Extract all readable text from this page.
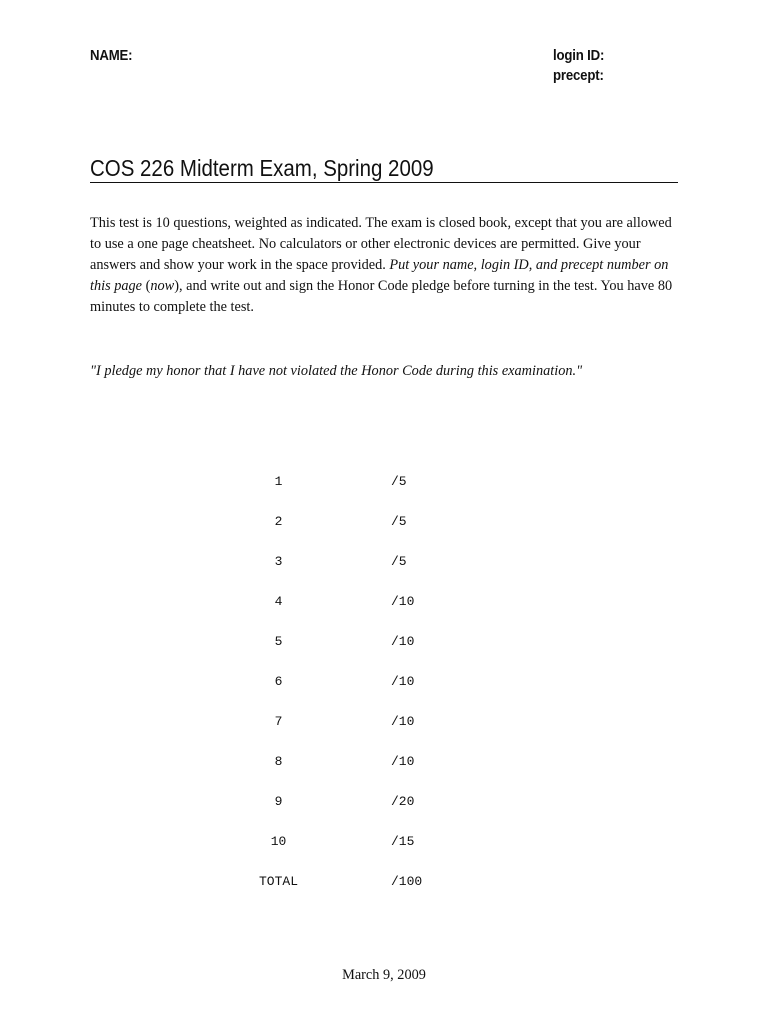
NAME:	login ID:
precept:
COS 226 Midterm Exam, Spring 2009

This test is 10 questions, weighted as indicated. The exam is closed book, except that you are allowed to use a one page cheatsheet. No calculators or other electronic devices are permitted. Give your answers and show your work in the space provided. Put your name, login ID, and precept number on this page (now), and write out and sign the Honor Code pledge before turning in the test. You have 80 minutes to complete the test.

"I pledge my honor that I have not violated the Honor Code during this examination."

1	/5
2	/5
3	/5
4	/10
5	/10
6	/10
7	/10
8	/10
9	/20
10	/15
TOTAL	/100
March 9, 2009
